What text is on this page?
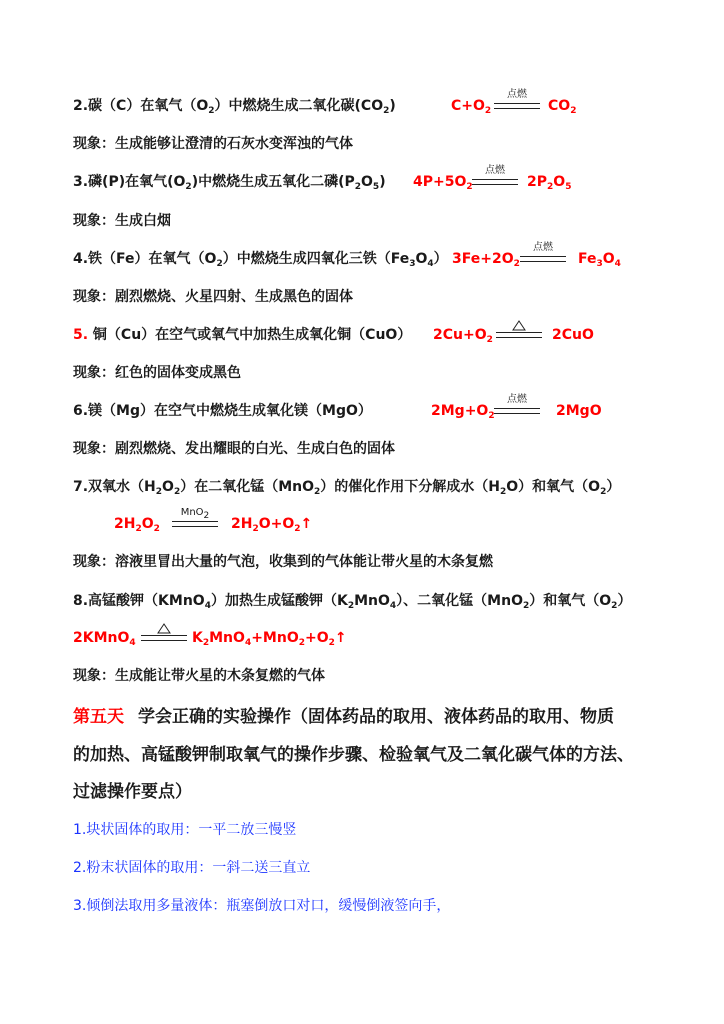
2.碳（C）在氧气$(O_2)$中燃烧生成二氧化碳$(CO_2)$	$C+O_2$
点燃
$CO_2$
现象：生成能够让澄清的石灰水变浑浊的气体
3.磷(P)在氧气$(O_2)$中燃烧生成五氧化二磷$(P_2O_5)$ $4P+5O_2$
点燃
$2P_2O_5$
现象：生成白烟
4.铁（Fe）在氧气$(O_2)$中燃烧生成四氧化三铁$(Fe_3O_4)$ $3Fe+2O_2$
点燃
$Fe_3O_4$
现象：剧烈燃烧、火星四射、生成黑色的固体
5. 铜（Cu）在空气或氧气中加热生成氧化铜（CuO） $2Cu+O_2$	2CuO
现象：红色的固体变成黑色
6.镁（Mg）在空气中燃烧生成氧化镁（MgO）	$2Mg+O_2$
点燃
2MgO
现象：剧烈燃烧、发出耀眼的白光、生成白色的固体
7.双氧水$(H_2O_2)$在二氧化锰（MnO$_2$）的催化作用下分解成水$(H_2O)$和氧气$(O_2)$
$2H_2O_2$
MnO$_2$	$2H_2O+O_2↑$
现象：溶液里冒出大量的气泡，收集到的气体能让带火星的木条复燃
8.高锰酸钾（KMnO$_4$）加热生成锰酸钾$(K_2MnO_4)$、二氧化锰（MnO$_2$）和氧气$(O_2)$
2KMnO$_4$	$K_2MnO_4+MnO_2+O_2↑$
现象：生成能让带火星的木条复燃的气体
第五天 学会正确的实验操作（固体药品的取用、液体药品的取用、物质
的加热、高锰酸钾制取氧气的操作步骤、检验氧气及二氧化碳气体的方法、
过滤操作要点）
1.块状固体的取用：一平二放三慢竖
2.粉末状固体的取用：一斜二送三直立
3.倾倒法取用多量液体：瓶塞倒放口对口，缓慢倒液签向手，
